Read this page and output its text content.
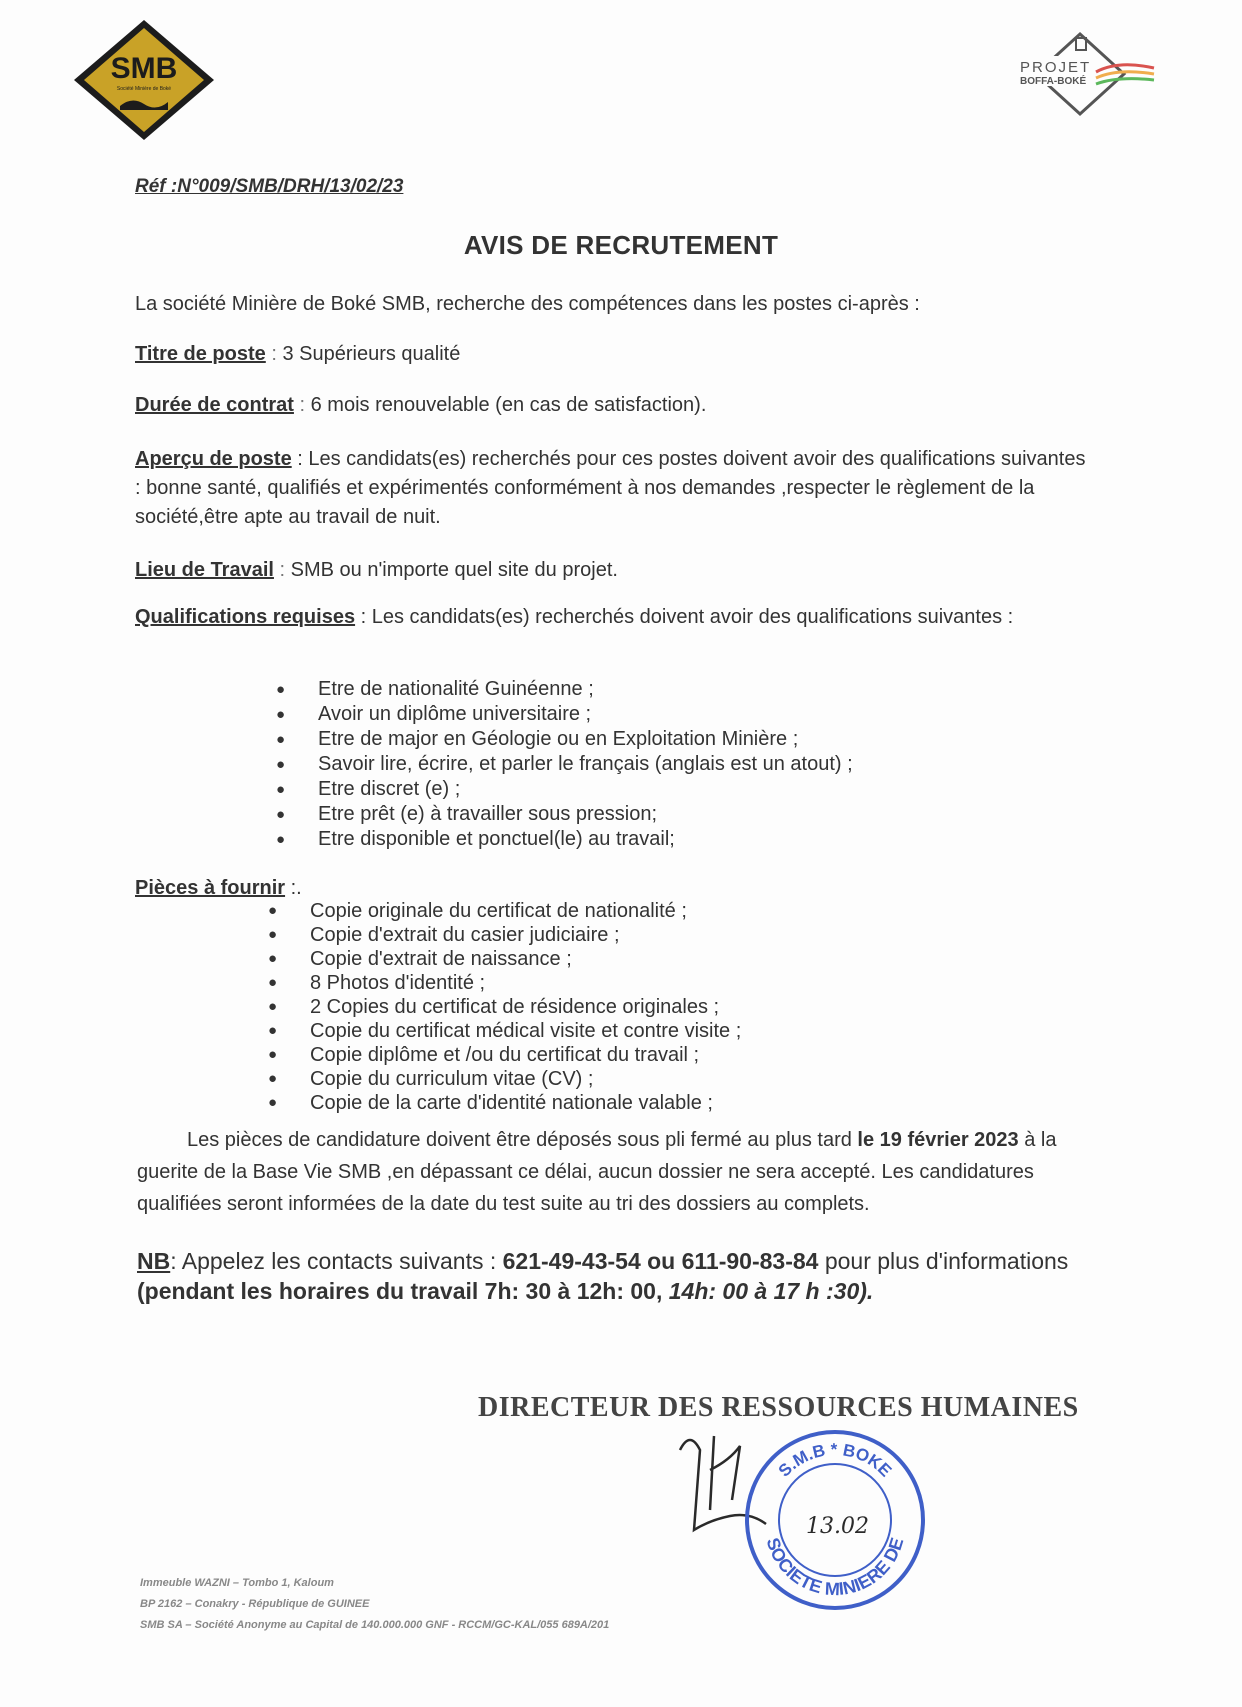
SMB
Société Minière de Boké
PROJET
BOFFA-BOKÉ
Réf :N°009/SMB/DRH/13/02/23
AVIS DE RECRUTEMENT
La société Minière de Boké SMB, recherche des compétences dans les postes ci-après :
Titre de poste : 3 Supérieurs qualité
Durée de contrat : 6 mois renouvelable (en cas de satisfaction).
Aperçu de poste : Les candidats(es) recherchés pour ces postes doivent avoir des qualifications suivantes : bonne santé, qualifiés et expérimentés conformément à nos demandes ,respecter le règlement de la société,être apte au travail de nuit.
Lieu de Travail : SMB ou n'importe quel site du projet.
Qualifications requises : Les candidats(es) recherchés doivent avoir des qualifications suivantes :
● Etre de nationalité Guinéenne ;
● Avoir un diplôme universitaire ;
● Etre de major en Géologie ou en Exploitation Minière ;
● Savoir lire, écrire, et parler le français (anglais est un atout) ;
● Etre discret (e) ;
● Etre prêt (e) à travailler sous pression;
● Etre disponible et ponctuel(le) au travail;
Pièces à fournir :.
● Copie originale du certificat de nationalité ;
● Copie d'extrait du casier judiciaire ;
● Copie d'extrait de naissance ;
● 8 Photos d'identité ;
● 2 Copies du certificat de résidence originales ;
● Copie du certificat médical visite et contre visite ;
● Copie diplôme et /ou du certificat du travail ;
● Copie du curriculum vitae (CV) ;
● Copie de la carte d'identité nationale valable ;
Les pièces de candidature doivent être déposés sous pli fermé au plus tard le 19 février 2023 à la guerite de la Base Vie SMB ,en dépassant ce délai, aucun dossier ne sera accepté. Les candidatures qualifiées seront informées de la date du test suite au tri des dossiers au complets.
NB: Appelez les contacts suivants : 621-49-43-54 ou 611-90-83-84 pour plus d'informations (pendant les horaires du travail 7h: 30 à 12h: 00, 14h: 00 à 17 h :30).
DIRECTEUR DES RESSOURCES HUMAINES
S.M.B * BOKE
SOCIETE MINIERE DE
13.02
Immeuble WAZNI – Tombo 1, Kaloum
BP 2162 – Conakry - République de GUINEE
SMB SA – Société Anonyme au Capital de 140.000.000 GNF - RCCM/GC-KAL/055 689A/201
